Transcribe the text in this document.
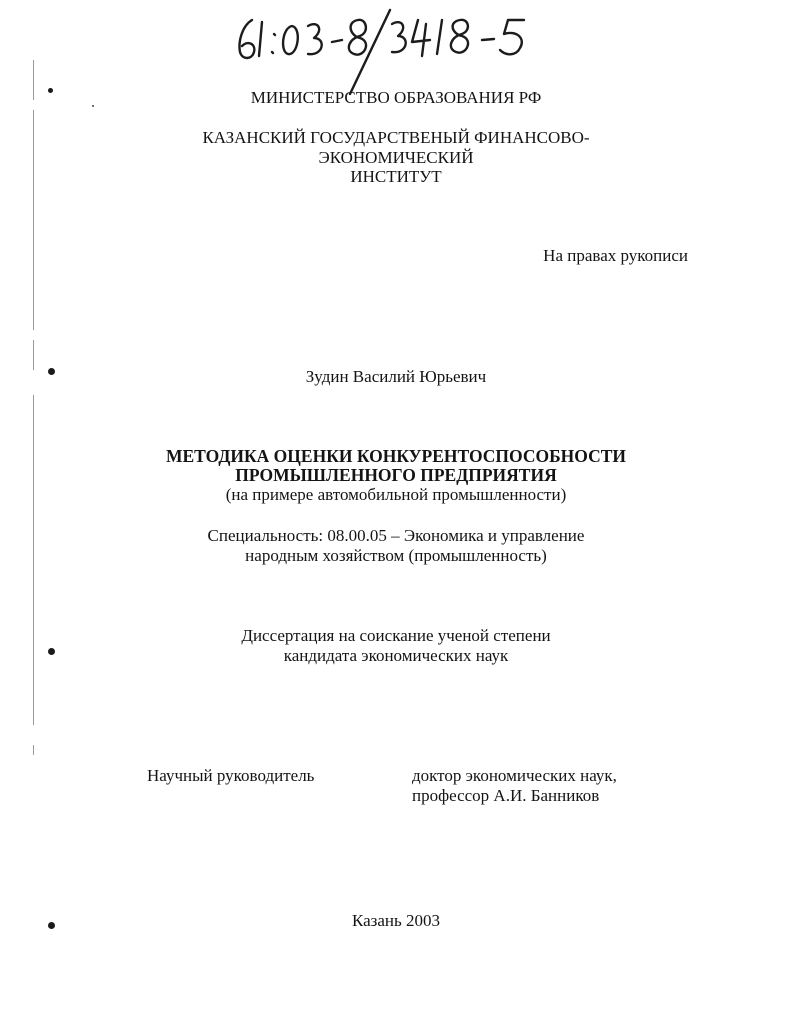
МИНИСТЕРСТВО ОБРАЗОВАНИЯ РФ
КАЗАНСКИЙ ГОСУДАРСТВЕНЫЙ ФИНАНСОВО-
ЭКОНОМИЧЕСКИЙ
ИНСТИТУТ
На правах рукописи
Зудин Василий Юрьевич
МЕТОДИКА ОЦЕНКИ КОНКУРЕНТОСПОСОБНОСТИ
ПРОМЫШЛЕННОГО ПРЕДПРИЯТИЯ
(на примере автомобильной промышленности)
Специальность: 08.00.05 – Экономика и управление
народным хозяйством (промышленность)
Диссертация на соискание ученой степени
кандидата экономических наук
Научный руководитель	доктор экономических наук,
профессор А.И. Банников
Казань 2003
